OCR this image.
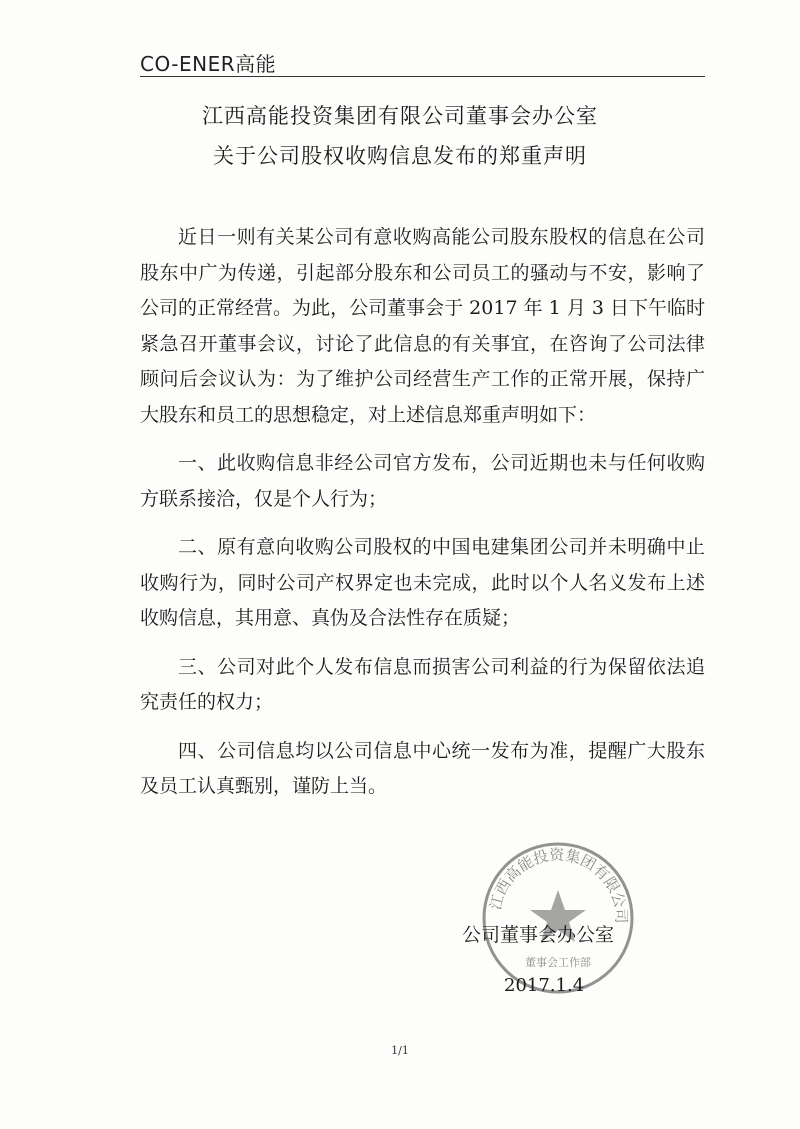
CO-ENER高能
江西高能投资集团有限公司董事会办公室
关于公司股权收购信息发布的郑重声明

近日一则有关某公司有意收购高能公司股东股权的信息在公司股东中广为传递，引起部分股东和公司员工的骚动与不安，影响了公司的正常经营。为此，公司董事会于 2017 年 1 月 3 日下午临时紧急召开董事会议，讨论了此信息的有关事宜，在咨询了公司法律顾问后会议认为：为了维护公司经营生产工作的正常开展，保持广大股东和员工的思想稳定，对上述信息郑重声明如下：

一、此收购信息非经公司官方发布，公司近期也未与任何收购方联系接洽，仅是个人行为；

二、原有意向收购公司股权的中国电建集团公司并未明确中止收购行为，同时公司产权界定也未完成，此时以个人名义发布上述收购信息，其用意、真伪及合法性存在质疑；

三、公司对此个人发布信息而损害公司利益的行为保留依法追究责任的权力；

四、公司信息均以公司信息中心统一发布为准，提醒广大股东及员工认真甄别，谨防上当。

江西高能投资集团有限公司
董事会工作部
公司董事会办公室
2017.1.4
1/1
